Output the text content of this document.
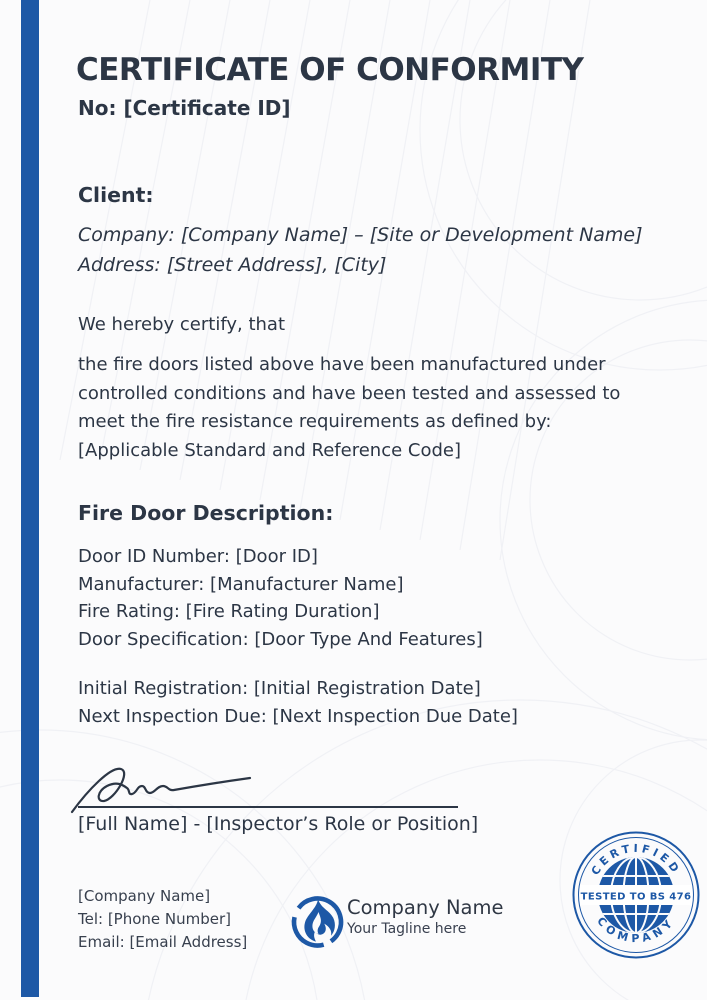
CERTIFICATE OF CONFORMITY
No: [Certificate ID]
Client:
Company: [Company Name] – [Site or Development Name]
Address: [Street Address], [City]
We hereby certify, that
the fire doors listed above have been manufactured under
controlled conditions and have been tested and assessed to
meet the fire resistance requirements as defined by:
[Applicable Standard and Reference Code]
Fire Door Description:
Door ID Number: [Door ID]
Manufacturer: [Manufacturer Name]
Fire Rating: [Fire Rating Duration]
Door Specification: [Door Type And Features]
Initial Registration: [Initial Registration Date]
Next Inspection Due: [Next Inspection Due Date]
[Full Name] - [Inspector’s Role or Position]
[Company Name]
Tel: [Phone Number]
Email: [Email Address]
Company Name
Your Tagline here
TESTED TO BS 476
CERTIFIED
COMPANY
